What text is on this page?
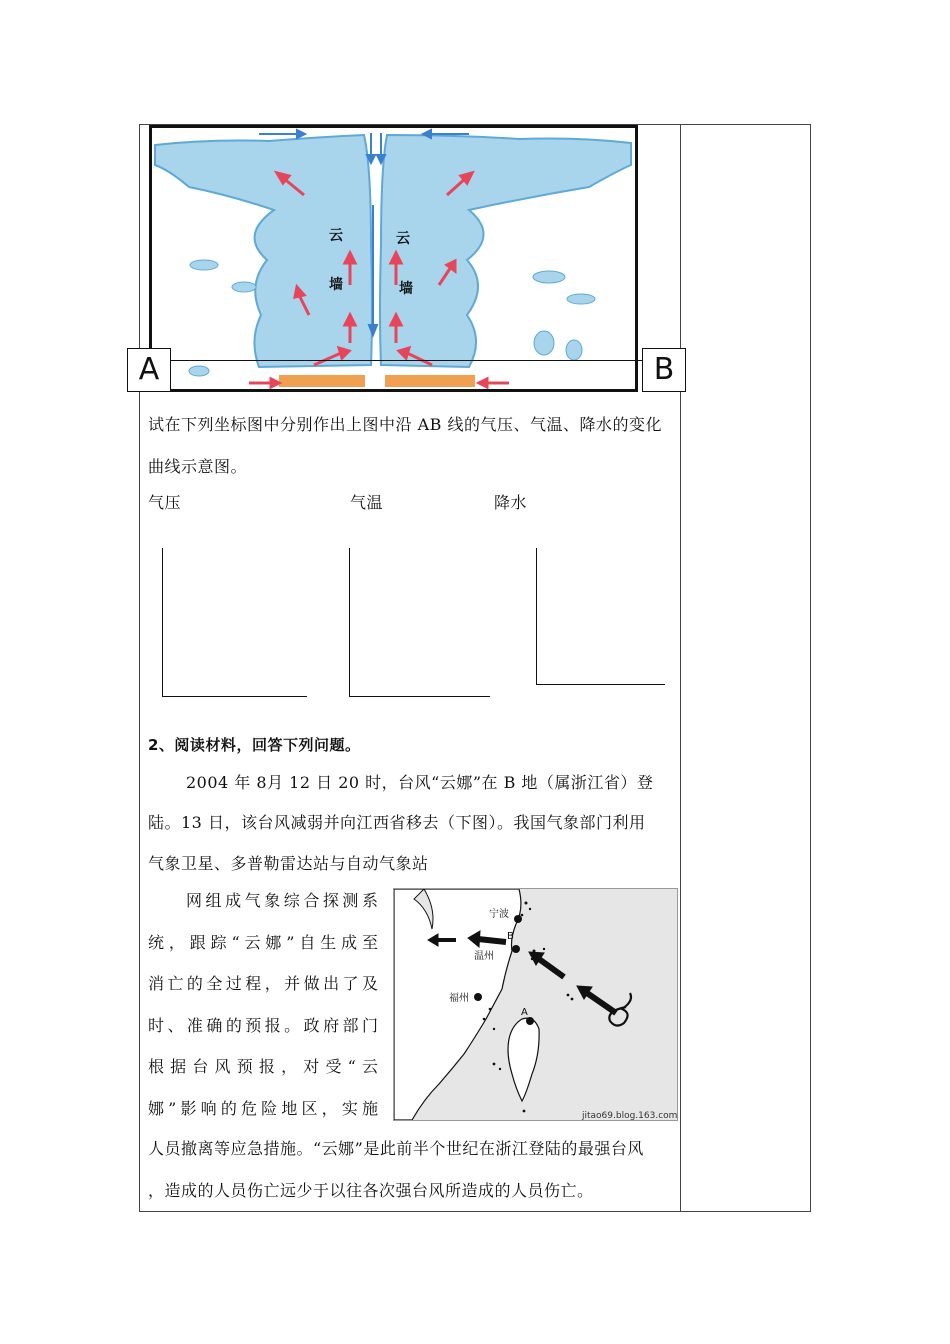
云
墙
云
墙
A	B
试在下列坐标图中分别作出上图中沿 AB 线的气压、气温、降水的变化
曲线示意图。
气压	气温	降水
2、阅读材料，回答下列问题。
2004 年 8月 12 日 20 时，台风“云娜”在 B 地（属浙江省）登
陆。13 日，该台风减弱并向江西省移去（下图）。我国气象部门利用
气象卫星、多普勒雷达站与自动气象站
网组成气象综合探测系
统，跟踪“云娜”自生成至
消亡的全过程，并做出了及
时、准确的预报。政府部门
根据台风预报，对受“云
娜”影响的危险地区，实施
人员撤离等应急措施。“云娜”是此前半个世纪在浙江登陆的最强台风
，造成的人员伤亡远少于以往各次强台风所造成的人员伤亡。
宁波
B
温州
福州
A
jitao69.blog.163.com
